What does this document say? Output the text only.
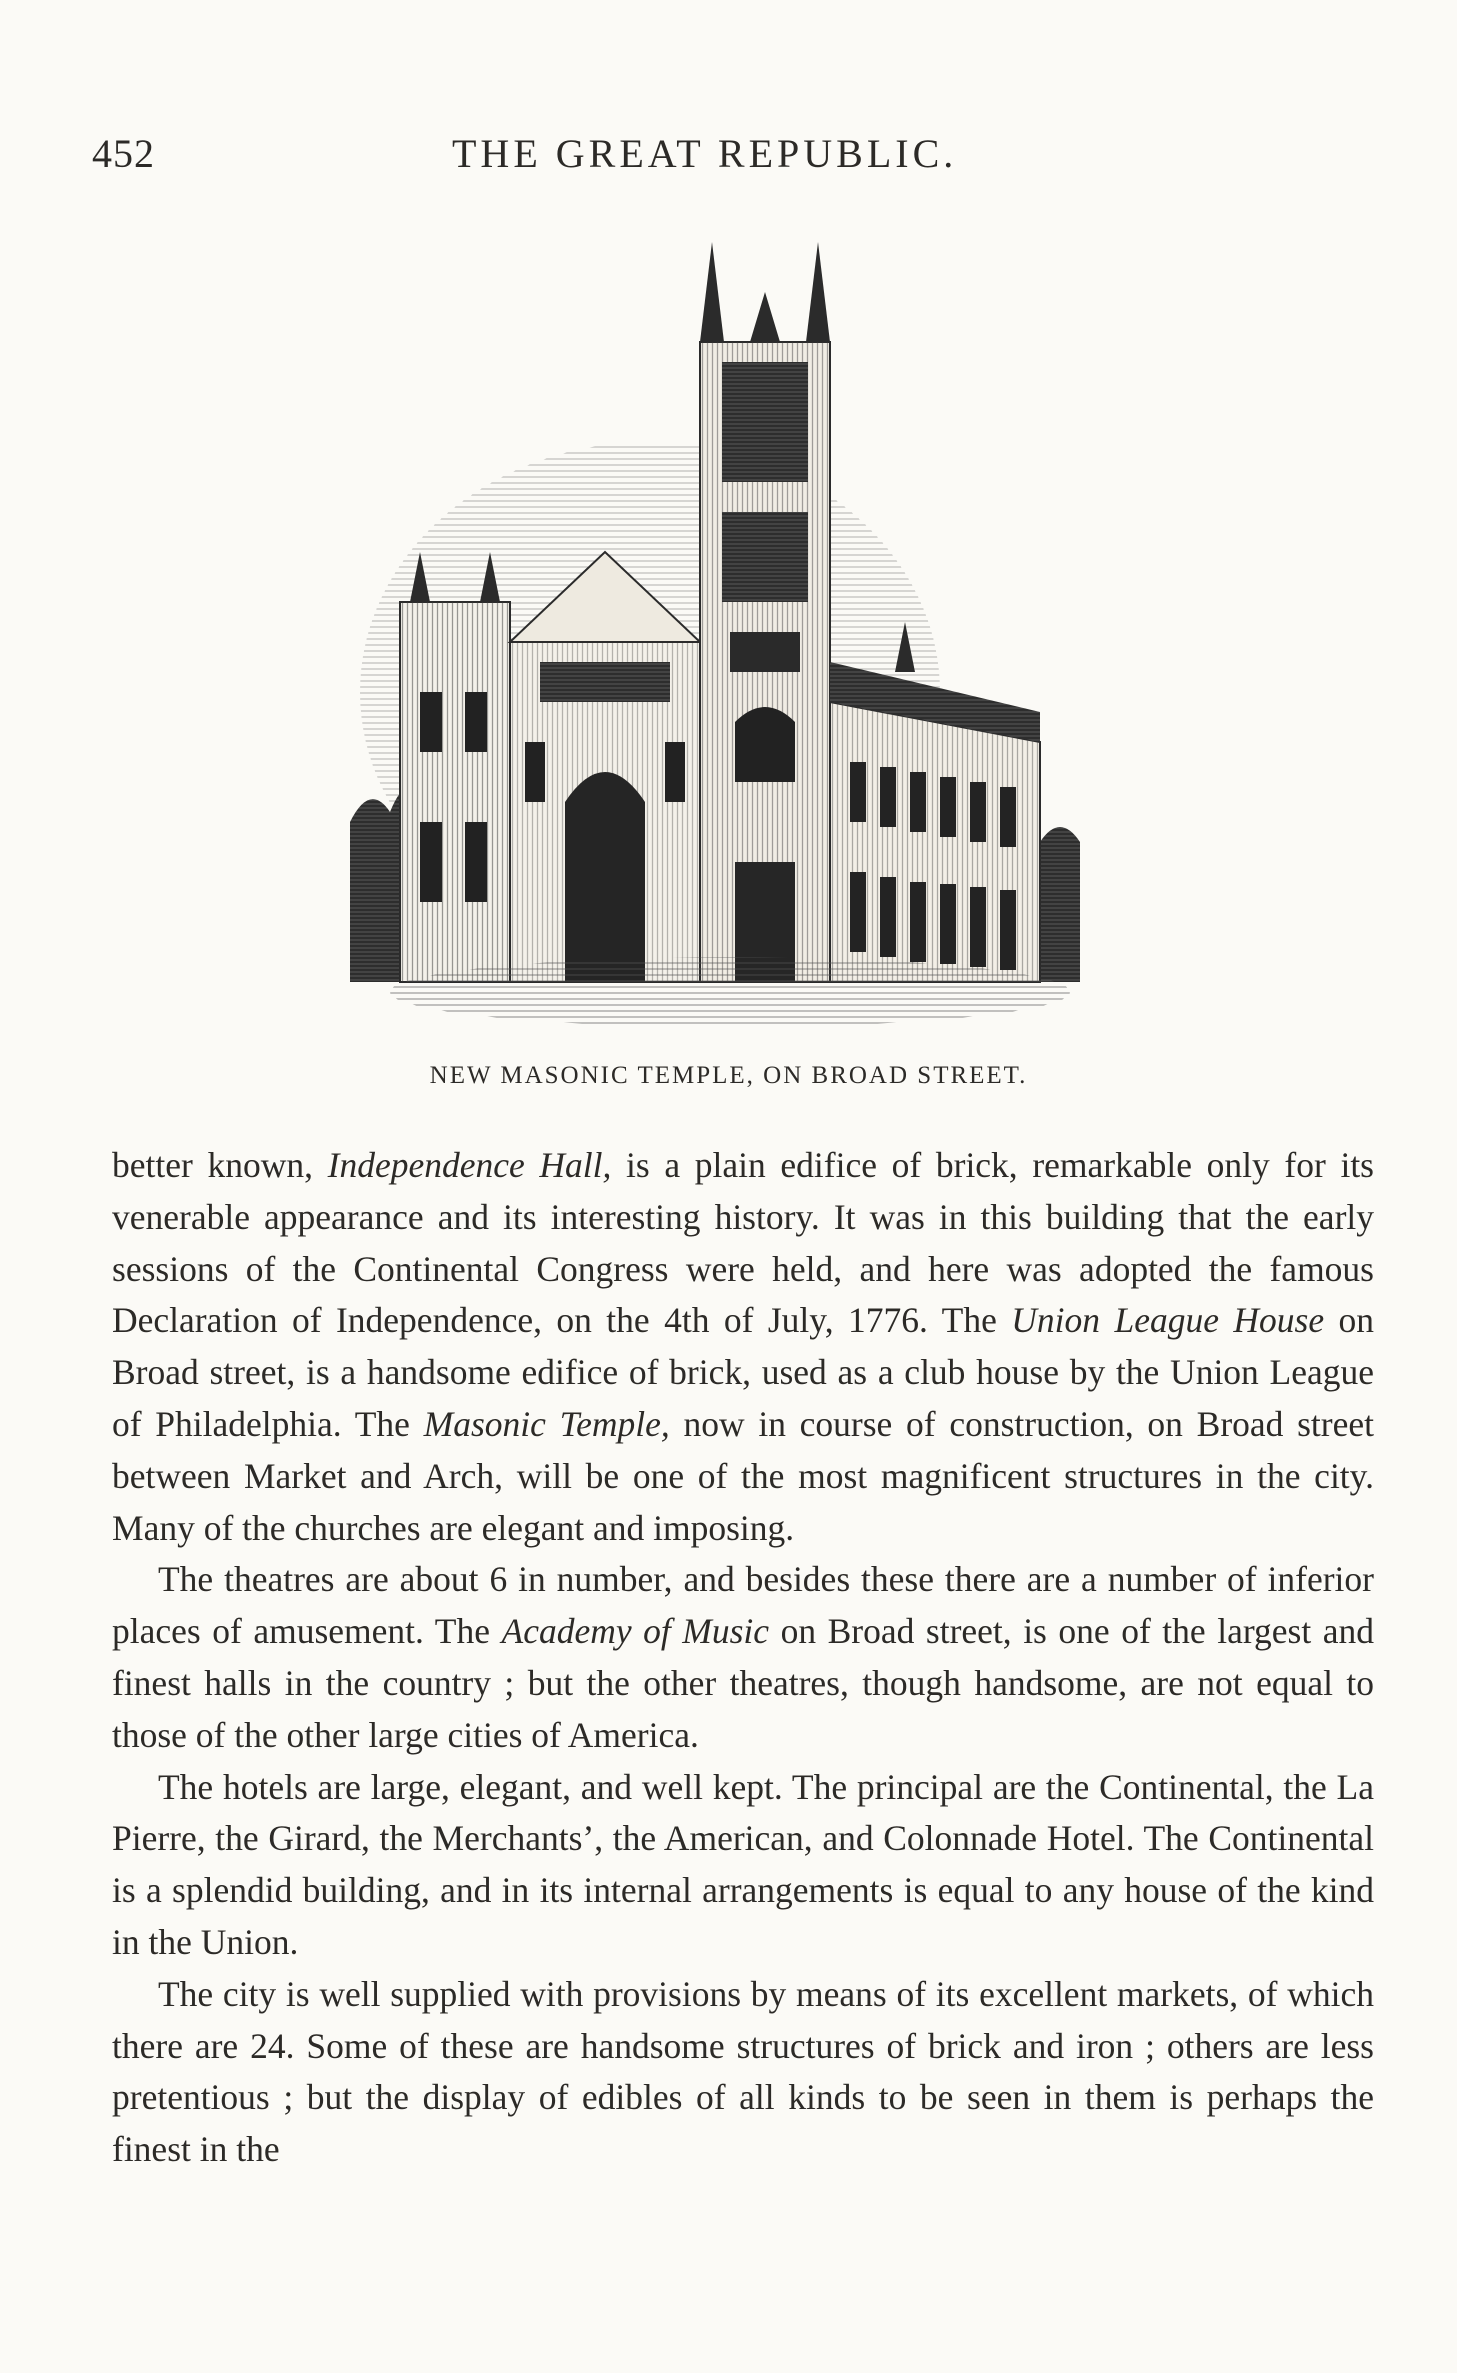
452	THE GREAT REPUBLIC.
NEW MASONIC TEMPLE, ON BROAD STREET.

better known, Independence Hall, is a plain edifice of brick, remarkable only for its venerable appearance and its interesting history. It was in this building that the early sessions of the Continental Congress were held, and here was adopted the famous Declaration of Independence, on the 4th of July, 1776. The Union League House on Broad street, is a handsome edifice of brick, used as a club house by the Union League of Philadelphia. The Masonic Temple, now in course of construction, on Broad street between Market and Arch, will be one of the most magnificent structures in the city. Many of the churches are elegant and imposing.

The theatres are about 6 in number, and besides these there are a number of inferior places of amusement. The Academy of Music on Broad street, is one of the largest and finest halls in the country ; but the other theatres, though handsome, are not equal to those of the other large cities of America.

The hotels are large, elegant, and well kept. The principal are the Continental, the La Pierre, the Girard, the Merchants’, the American, and Colonnade Hotel. The Continental is a splendid building, and in its internal arrangements is equal to any house of the kind in the Union.

The city is well supplied with provisions by means of its excellent markets, of which there are 24. Some of these are handsome structures of brick and iron ; others are less pretentious ; but the display of edibles of all kinds to be seen in them is perhaps the finest in the
